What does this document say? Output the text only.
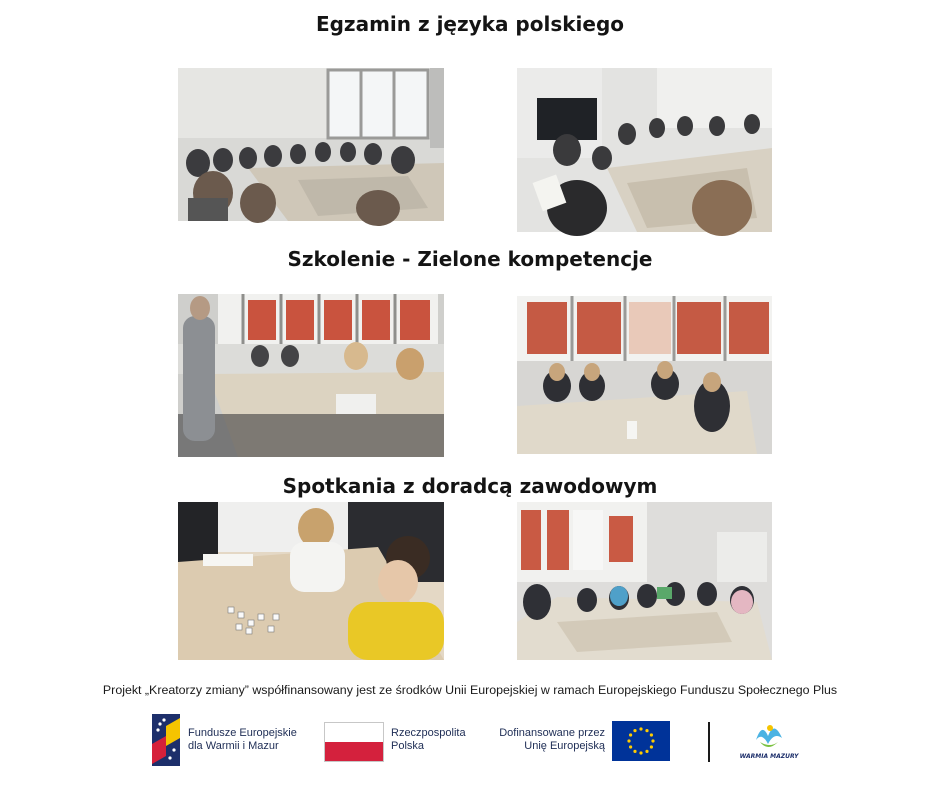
Egzamin z języka polskiego
Szkolenie - Zielone kompetencje
Spotkania z doradcą zawodowym
Projekt „Kreatorzy zmiany” współfinansowany jest ze środków Unii Europejskiej w ramach Europejskiego Funduszu Społecznego Plus
Fundusze Europejskie
dla Warmii i Mazur
Rzeczpospolita
Polska
Dofinansowane przez
Unię Europejską
WARMIA MAZURY
